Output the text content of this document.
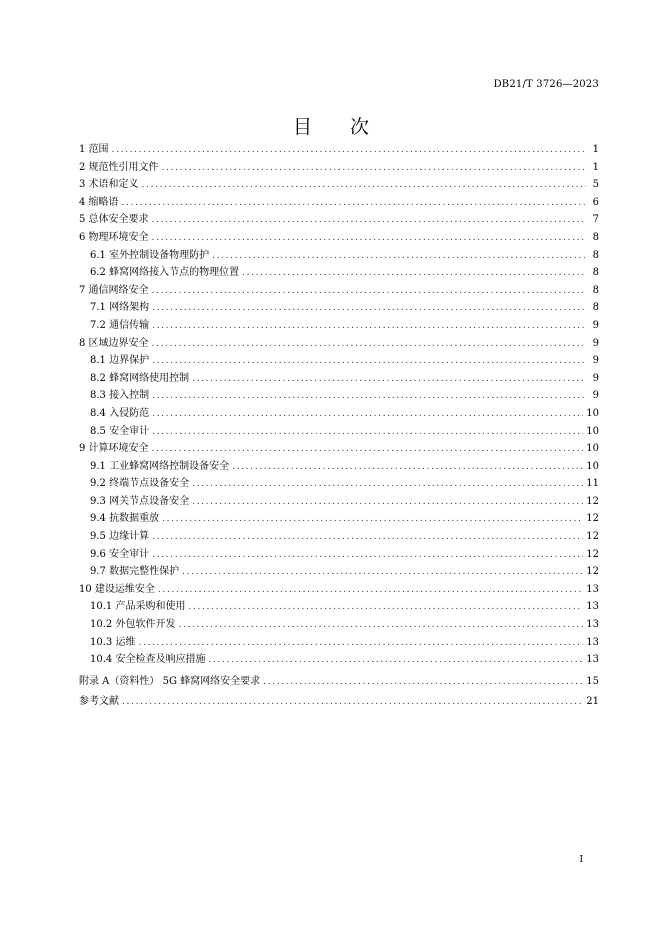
DB21/T 3726—2023
目 次
1 范围 . . .	1
2 规范性引用文件 . . .	1
3 术语和定义 . . .	5
4 缩略语 . . .	6
5 总体安全要求 . . .	7
6 物理环境安全 . . .	8
6.1 室外控制设备物理防护 . . .	8
6.2 蜂窝网络接入节点的物理位置 . . .	8
7 通信网络安全 . . .	8
7.1 网络架构 . . .	8
7.2 通信传输 . . .	9
8 区域边界安全 . . .	9
8.1 边界保护 . . .	9
8.2 蜂窝网络使用控制 . . .	9
8.3 接入控制 . . .	9
8.4 入侵防范 . . .	10
8.5 安全审计 . . .	10
9 计算环境安全 . . .	10
9.1 工业蜂窝网络控制设备安全 . . .	10
9.2 终端节点设备安全 . . .	11
9.3 网关节点设备安全 . . .	12
9.4 抗数据重放 . . .	12
9.5 边缘计算 . . .	12
9.6 安全审计 . . .	12
9.7 数据完整性保护 . . .	12
10 建设运维安全 . . .	13
10.1 产品采购和使用 . . .	13
10.2 外包软件开发 . . .	13
10.3 运维 . . .	13
10.4 安全检查及响应措施 . . .	13
附录 A（资料性） 5G 蜂窝网络安全要求 . . .	15
参考文献 . . .	21
I
